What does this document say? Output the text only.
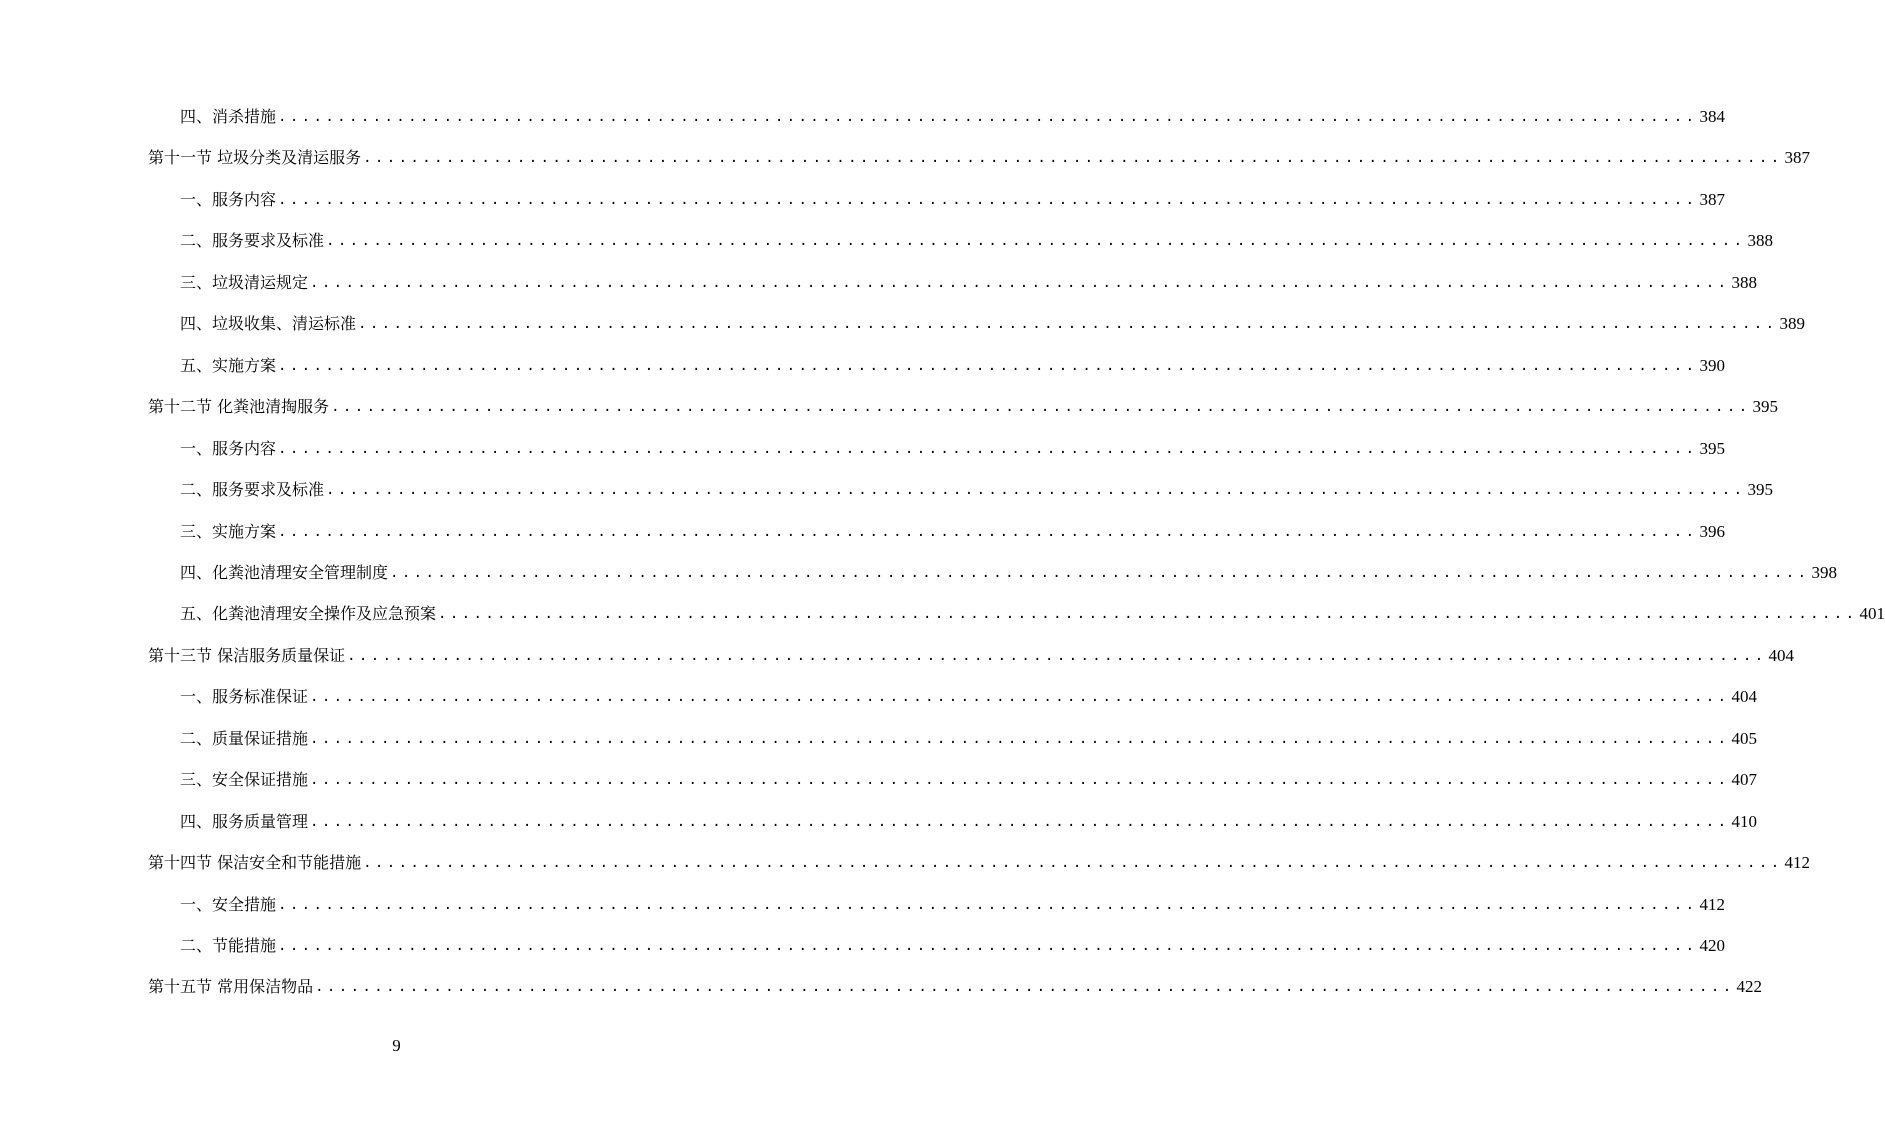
四、消杀措施 ........................................................................................................................ 384
第十一节 垃圾分类及清运服务 ........................................................................................................................ 387
一、服务内容 ........................................................................................................................ 387
二、服务要求及标准 ........................................................................................................................ 388
三、垃圾清运规定 ........................................................................................................................ 388
四、垃圾收集、清运标准 ........................................................................................................................ 389
五、实施方案 ........................................................................................................................ 390
第十二节 化粪池清掏服务 ........................................................................................................................ 395
一、服务内容 ........................................................................................................................ 395
二、服务要求及标准 ........................................................................................................................ 395
三、实施方案 ........................................................................................................................ 396
四、化粪池清理安全管理制度 ........................................................................................................................ 398
五、化粪池清理安全操作及应急预案 ........................................................................................................................ 401
第十三节 保洁服务质量保证 ........................................................................................................................ 404
一、服务标准保证 ........................................................................................................................ 404
二、质量保证措施 ........................................................................................................................ 405
三、安全保证措施 ........................................................................................................................ 407
四、服务质量管理 ........................................................................................................................ 410
第十四节 保洁安全和节能措施 ........................................................................................................................ 412
一、安全措施 ........................................................................................................................ 412
二、节能措施 ........................................................................................................................ 420
第十五节 常用保洁物品 ........................................................................................................................ 422
9
